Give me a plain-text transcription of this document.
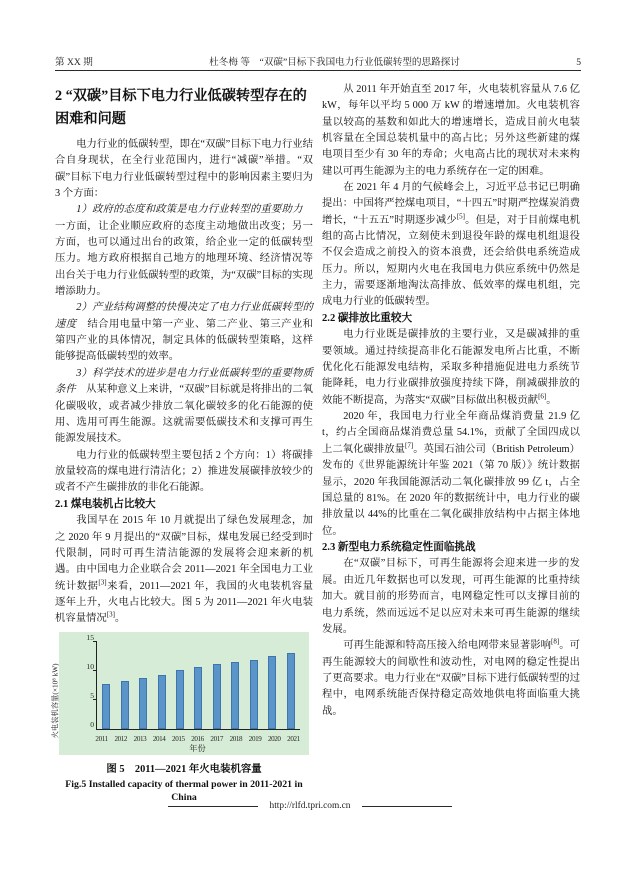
第 XX 期	杜冬梅 等　“双碳”目标下我国电力行业低碳转型的思路探讨	5
2 “双碳”目标下电力行业低碳转型存在的困难和问题

电力行业的低碳转型，即在“双碳”目标下电力行业结合自身现状，在全行业范围内，进行“减碳”举措。“双碳”目标下电力行业低碳转型过程中的影响因素主要归为 3 个方面：

1）政府的态度和政策是电力行业转型的重要助力　一方面，让企业顺应政府的态度主动地做出改变；另一方面，也可以通过出台的政策，给企业一定的低碳转型压力。地方政府根据自己地方的地理环境、经济情况等出台关于电力行业低碳转型的政策，为“双碳”目标的实现增添助力。

2）产业结构调整的快慢决定了电力行业低碳转型的速度　结合用电量中第一产业、第二产业、第三产业和第四产业的具体情况，制定具体的低碳转型策略，这样能够提高低碳转型的效率。

3）科学技术的进步是电力行业低碳转型的重要物质条件　从某种意义上来讲，“双碳”目标就是将排出的二氧化碳吸收，或者减少排放二氧化碳较多的化石能源的使用、选用可再生能源。这就需要低碳技术和支撑可再生能源发展技术。

电力行业的低碳转型主要包括 2 个方向：1）将碳排放量较高的煤电进行清洁化；2）推进发展碳排放较少的或者不产生碳排放的非化石能源。

2.1 煤电装机占比较大

我国早在 2015 年 10 月就提出了绿色发展理念，加之 2020 年 9 月提出的“双碳”目标，煤电发展已经受到时代限制，同时可再生清洁能源的发展将会迎来新的机遇。由中国电力企业联合会 2011—2021 年全国电力工业统计数据[3]来看，2011—2021 年，我国的火电装机容量逐年上升，火电占比较大。图 5 为 2011—2021 年火电装机容量情况[3]。

火电装机容量(×10⁸ kW)	0
5
10
15
2011 2012 2013 2014 2015 2016 2017 2018 2019 2020 2021
年份
图 5　2011—2021 年火电装机容量
Fig.5 Installed capacity of thermal power in 2011-2021 in China

从 2011 年开始直至 2017 年，火电装机容量从 7.6 亿 kW，每年以平均 5 000 万 kW 的增速增加。火电装机容量以较高的基数和如此大的增速增长，造成目前火电装机容量在全国总装机量中的高占比；另外这些新建的煤电项目至少有 30 年的寿命；火电高占比的现状对未来构建以可再生能源为主的电力系统存在一定的困难。

在 2021 年 4 月的气候峰会上，习近平总书记已明确提出：中国将严控煤电项目，“十四五”时期严控煤炭消费增长，“十五五”时期逐步减少[5]。但是，对于目前煤电机组的高占比情况，立刻使未到退役年龄的煤电机组退役不仅会造成之前投入的资本浪费，还会给供电系统造成压力。所以，短期内火电在我国电力供应系统中仍然是主力，需要逐渐地淘汰高排放、低效率的煤电机组，完成电力行业的低碳转型。

2.2 碳排放比重较大

电力行业既是碳排放的主要行业，又是碳减排的重要领域。通过持续提高非化石能源发电所占比重，不断优化化石能源发电结构，采取多种措施促进电力系统节能降耗，电力行业碳排放强度持续下降，削减碳排放的效能不断提高，为落实“双碳”目标做出积极贡献[6]。

2020 年，我国电力行业全年商品煤消费量 21.9 亿 t，约占全国商品煤消费总量 54.1%，贡献了全国四成以上二氧化碳排放量[7]。英国石油公司（British Petroleum）发布的《世界能源统计年鉴 2021（第 70 版）》统计数据显示，2020 年我国能源活动二氧化碳排放 99 亿 t，占全国总量的 81%。在 2020 年的数据统计中，电力行业的碳排放量以 44%的比重在二氧化碳排放结构中占据主体地位。

2.3 新型电力系统稳定性面临挑战

在“双碳”目标下，可再生能源将会迎来进一步的发展。由近几年数据也可以发现，可再生能源的比重持续加大。就目前的形势而言，电网稳定性可以支撑目前的电力系统，然而远远不足以应对未来可再生能源的继续发展。

可再生能源和特高压接入给电网带来显著影响[8]。可再生能源较大的间歇性和波动性，对电网的稳定性提出了更高要求。电力行业在“双碳”目标下进行低碳转型的过程中，电网系统能否保持稳定高效地供电将面临重大挑战。

http://rlfd.tpri.com.cn
